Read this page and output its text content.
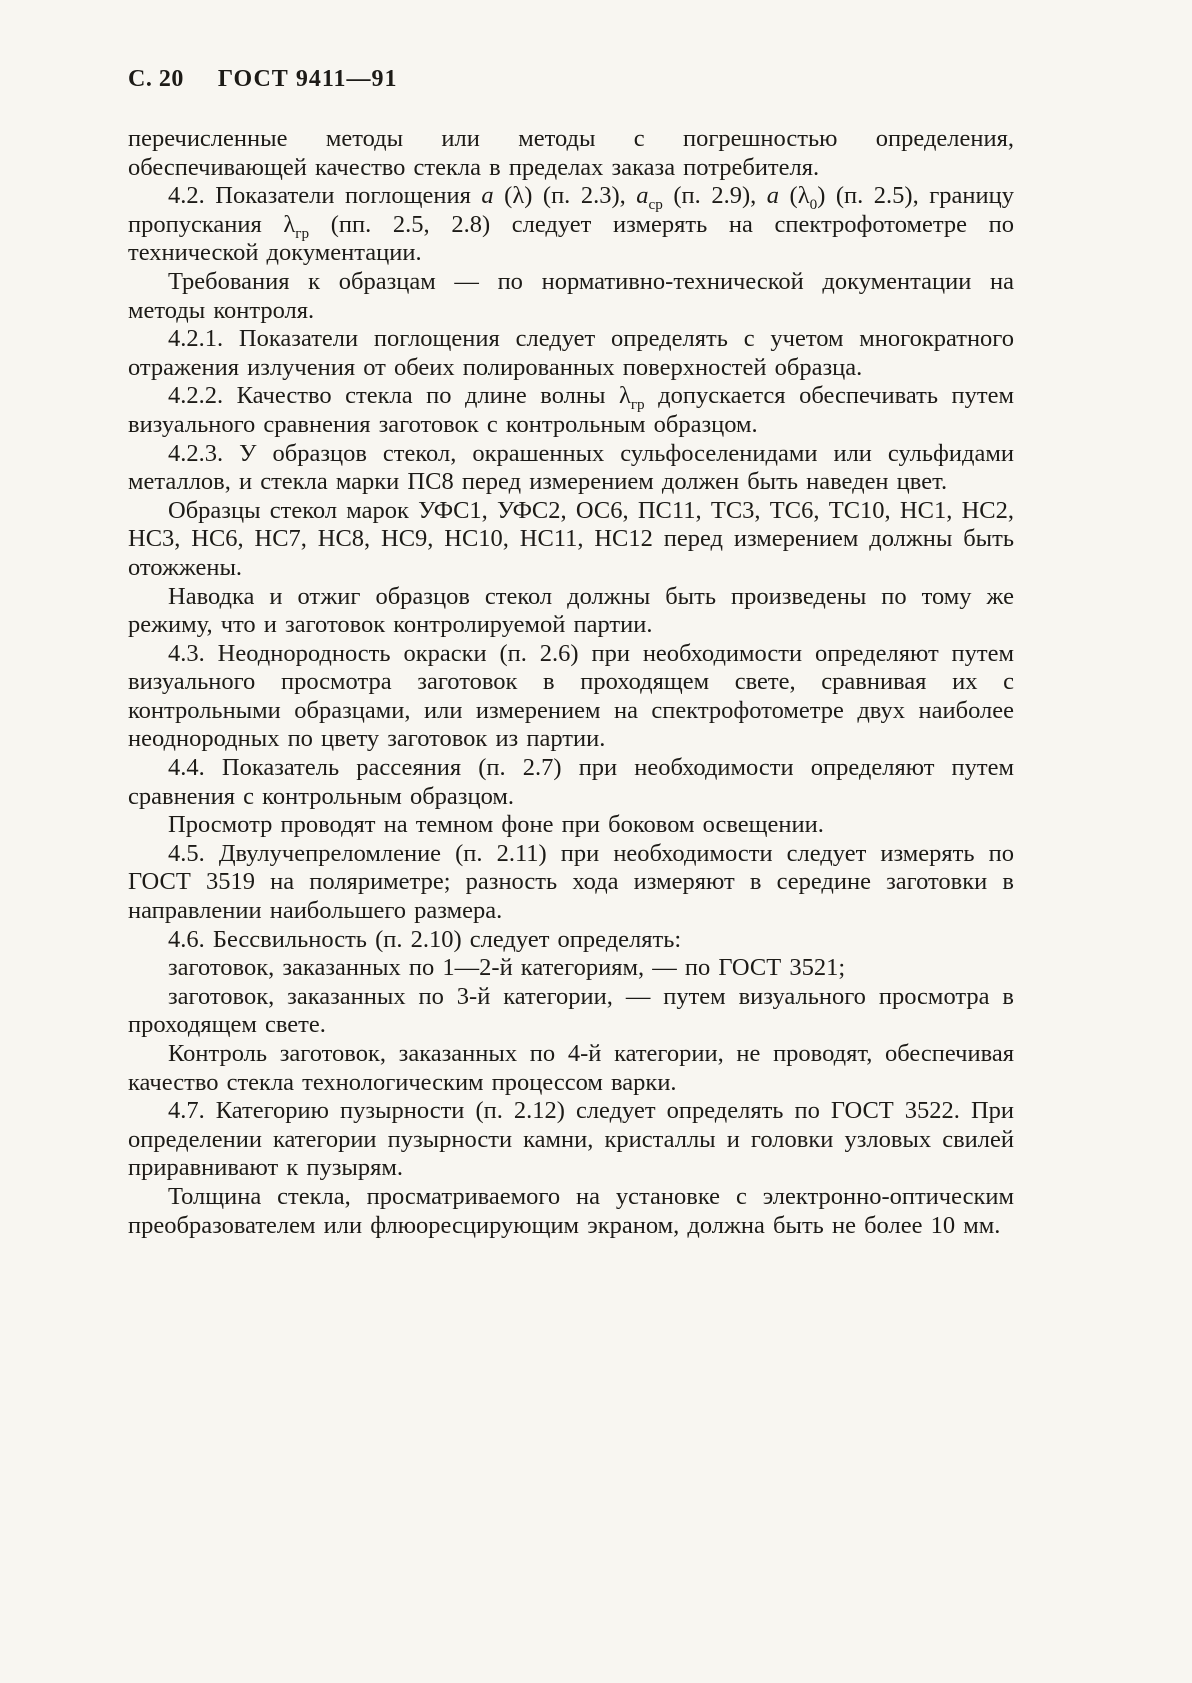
С. 20 ГОСТ 9411—91

перечисленные методы или методы с погрешностью определения, обеспечивающей качество стекла в пределах заказа потребителя.

4.2. Показатели поглощения a (λ) (п. 2.3), $a_{ср}$ (п. 2.9), a $(\lambda_0)$ (п. 2.5), границу пропускания $\lambda_{гр}$ (пп. 2.5, 2.8) следует измерять на спектрофотометре по технической документации.

Требования к образцам — по нормативно-технической документации на методы контроля.

4.2.1. Показатели поглощения следует определять с учетом многократного отражения излучения от обеих полированных поверхностей образца.

4.2.2. Качество стекла по длине волны $\lambda_{гр}$ допускается обеспечивать путем визуального сравнения заготовок с контрольным образцом.

4.2.3. У образцов стекол, окрашенных сульфоселенидами или сульфидами металлов, и стекла марки ПС8 перед измерением должен быть наведен цвет.

Образцы стекол марок УФС1, УФС2, ОС6, ПС11, ТС3, ТС6, ТС10, НС1, НС2, НС3, НС6, НС7, НС8, НС9, НС10, НС11, НС12 перед измерением должны быть отожжены.

Наводка и отжиг образцов стекол должны быть произведены по тому же режиму, что и заготовок контролируемой партии.

4.3. Неоднородность окраски (п. 2.6) при необходимости определяют путем визуального просмотра заготовок в проходящем свете, сравнивая их с контрольными образцами, или измерением на спектрофотометре двух наиболее неоднородных по цвету заготовок из партии.

4.4. Показатель рассеяния (п. 2.7) при необходимости определяют путем сравнения с контрольным образцом.

Просмотр проводят на темном фоне при боковом освещении.

4.5. Двулучепреломление (п. 2.11) при необходимости следует измерять по ГОСТ 3519 на поляриметре; разность хода измеряют в середине заготовки в направлении наибольшего размера.

4.6. Бессвильность (п. 2.10) следует определять:

заготовок, заказанных по 1—2-й категориям, — по ГОСТ 3521;

заготовок, заказанных по 3-й категории, — путем визуального просмотра в проходящем свете.

Контроль заготовок, заказанных по 4-й категории, не проводят, обеспечивая качество стекла технологическим процессом варки.

4.7. Категорию пузырности (п. 2.12) следует определять по ГОСТ 3522. При определении категории пузырности камни, кристаллы и головки узловых свилей приравнивают к пузырям.

Толщина стекла, просматриваемого на установке с электронно-оптическим преобразователем или флюоресцирующим экраном, должна быть не более 10 мм.
